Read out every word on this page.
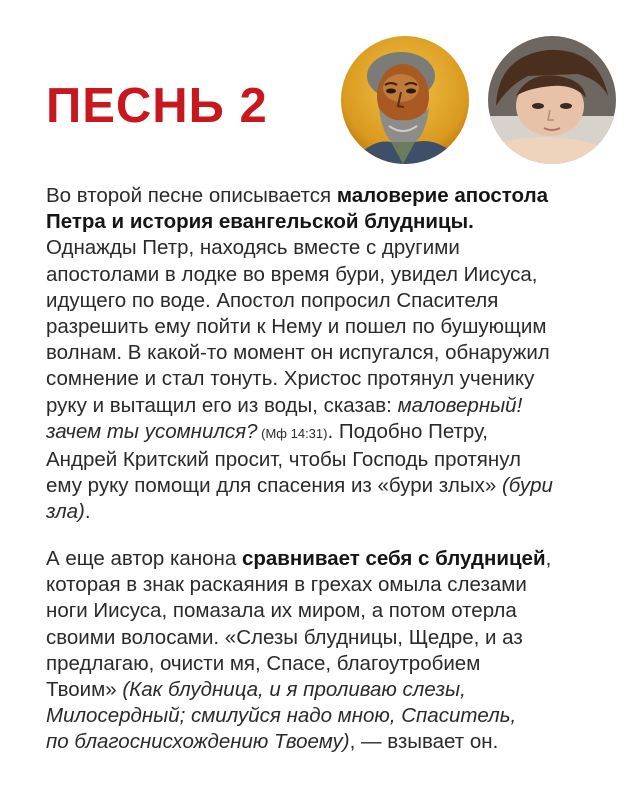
ПЕСНЬ 2

Во второй песне описывается маловерие апостола
Петра и история евангельской блудницы.
Однажды Петр, находясь вместе с другими
апостолами в лодке во время бури, увидел Иисуса,
идущего по воде. Апостол попросил Спасителя
разрешить ему пойти к Нему и пошел по бушующим
волнам. В какой-то момент он испугался, обнаружил
сомнение и стал тонуть. Христос протянул ученику
руку и вытащил его из воды, сказав: маловерный!
зачем ты усомнился? (Мф 14:31). Подобно Петру,
Андрей Критский просит, чтобы Господь протянул
ему руку помощи для спасения из «бури злых» (бури
зла).

А еще автор канона сравнивает себя с блудницей,
которая в знак раскаяния в грехах омыла слезами
ноги Иисуса, помазала их миром, а потом отерла
своими волосами. «Слезы блудницы, Щедре, и аз
предлагаю, очисти мя, Спасе, благоутробием
Твоим» (Как блудница, и я проливаю слезы,
Милосердный; смилуйся надо мною, Спаситель,
по благоснисхождению Твоему), — взывает он.
